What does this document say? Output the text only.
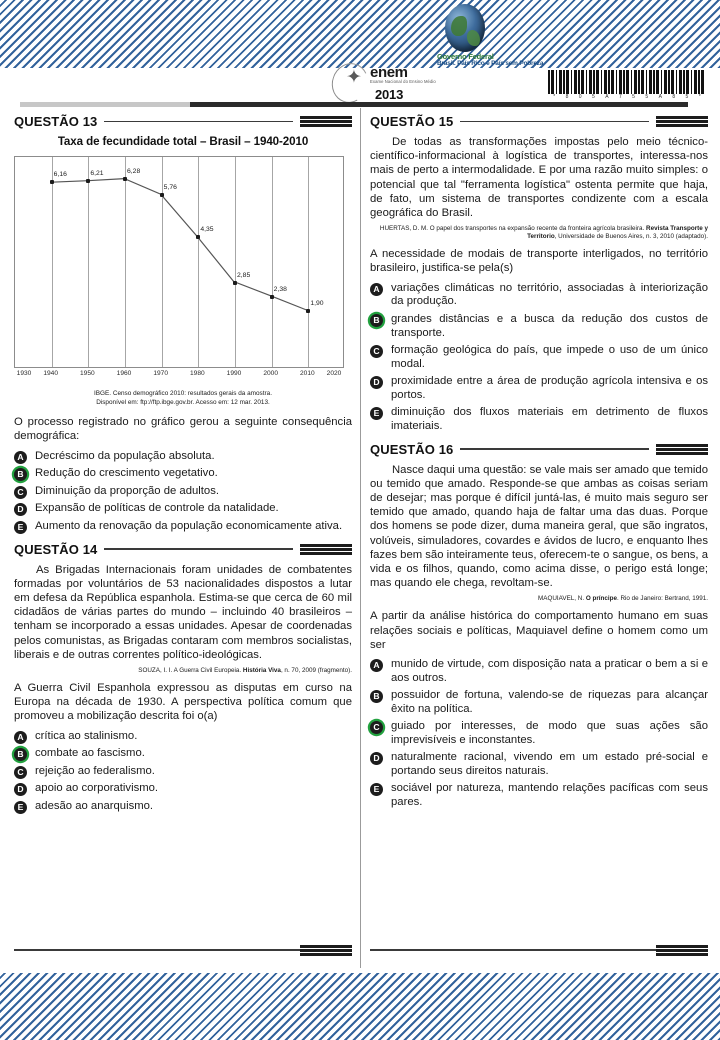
Governo Federal
Brasil. País Rico é País sem Pobreza
✦ enem
Exame Nacional do Ensino Médio
2013	* 8 0 5 A 7 5 5 A 8 5 *
QUESTÃO 13
Taxa de fecundidade total – Brasil – 1940-2010
6,16	6,21	6,28
5,76
4,35
2,85
2,38
1,90
1930 1940	1950	1960	1970	1980	1990	2000	2010 2020
IBGE. Censo demográfico 2010: resultados gerais da amostra.
Disponível em: ftp://ftp.ibge.gov.br. Acesso em: 12 mar. 2013.
O processo registrado no gráfico gerou a seguinte consequência demográfica:
A	Decréscimo da população absoluta.
B	Redução do crescimento vegetativo.
C	Diminuição da proporção de adultos.
D	Expansão de políticas de controle da natalidade.
E	Aumento da renovação da população economicamente ativa.
QUESTÃO 14
As Brigadas Internacionais foram unidades de combatentes formadas por voluntários de 53 nacionalidades dispostos a lutar em defesa da República espanhola. Estima-se que cerca de 60 mil cidadãos de várias partes do mundo – incluindo 40 brasileiros – tenham se incorporado a essas unidades. Apesar de coordenadas pelos comunistas, as Brigadas contaram com membros socialistas, liberais e de outras correntes político-ideológicas.
SOUZA, I. I. A Guerra Civil Europeia. História Viva, n. 70, 2009 (fragmento).
A Guerra Civil Espanhola expressou as disputas em curso na Europa na década de 1930. A perspectiva política comum que promoveu a mobilização descrita foi o(a)
A	crítica ao stalinismo.
B	combate ao fascismo.
C	rejeição ao federalismo.
D	apoio ao corporativismo.
E	adesão ao anarquismo.
QUESTÃO 15
De todas as transformações impostas pelo meio técnico-científico-informacional à logística de transportes, interessa-nos mais de perto a intermodalidade. E por uma razão muito simples: o potencial que tal "ferramenta logística" ostenta permite que haja, de fato, um sistema de transportes condizente com a escala geográfica do Brasil.
HUERTAS, D. M. O papel dos transportes na expansão recente da fronteira agrícola brasileira. Revista Transporte y Territorio, Universidade de Buenos Aires, n. 3, 2010 (adaptado).
A necessidade de modais de transporte interligados, no território brasileiro, justifica-se pela(s)
A	variações climáticas no território, associadas à interiorização da produção.
B	grandes distâncias e a busca da redução dos custos de transporte.
C	formação geológica do país, que impede o uso de um único modal.
D	proximidade entre a área de produção agrícola intensiva e os portos.
E	diminuição dos fluxos materiais em detrimento de fluxos imateriais.
QUESTÃO 16
Nasce daqui uma questão: se vale mais ser amado que temido ou temido que amado. Responde-se que ambas as coisas seriam de desejar; mas porque é difícil juntá-las, é muito mais seguro ser temido que amado, quando haja de faltar uma das duas. Porque dos homens se pode dizer, duma maneira geral, que são ingratos, volúveis, simuladores, covardes e ávidos de lucro, e enquanto lhes fazes bem são inteiramente teus, oferecem-te o sangue, os bens, a vida e os filhos, quando, como acima disse, o perigo está longe; mas quando ele chega, revoltam-se.
MAQUIAVEL, N. O príncipe. Rio de Janeiro: Bertrand, 1991.
A partir da análise histórica do comportamento humano em suas relações sociais e políticas, Maquiavel define o homem como um ser
A	munido de virtude, com disposição nata a praticar o bem a si e aos outros.
B	possuidor de fortuna, valendo-se de riquezas para alcançar êxito na política.
C	guiado por interesses, de modo que suas ações são imprevisíveis e inconstantes.
D	naturalmente racional, vivendo em um estado pré-social e portando seus direitos naturais.
E	sociável por natureza, mantendo relações pacíficas com seus pares.
